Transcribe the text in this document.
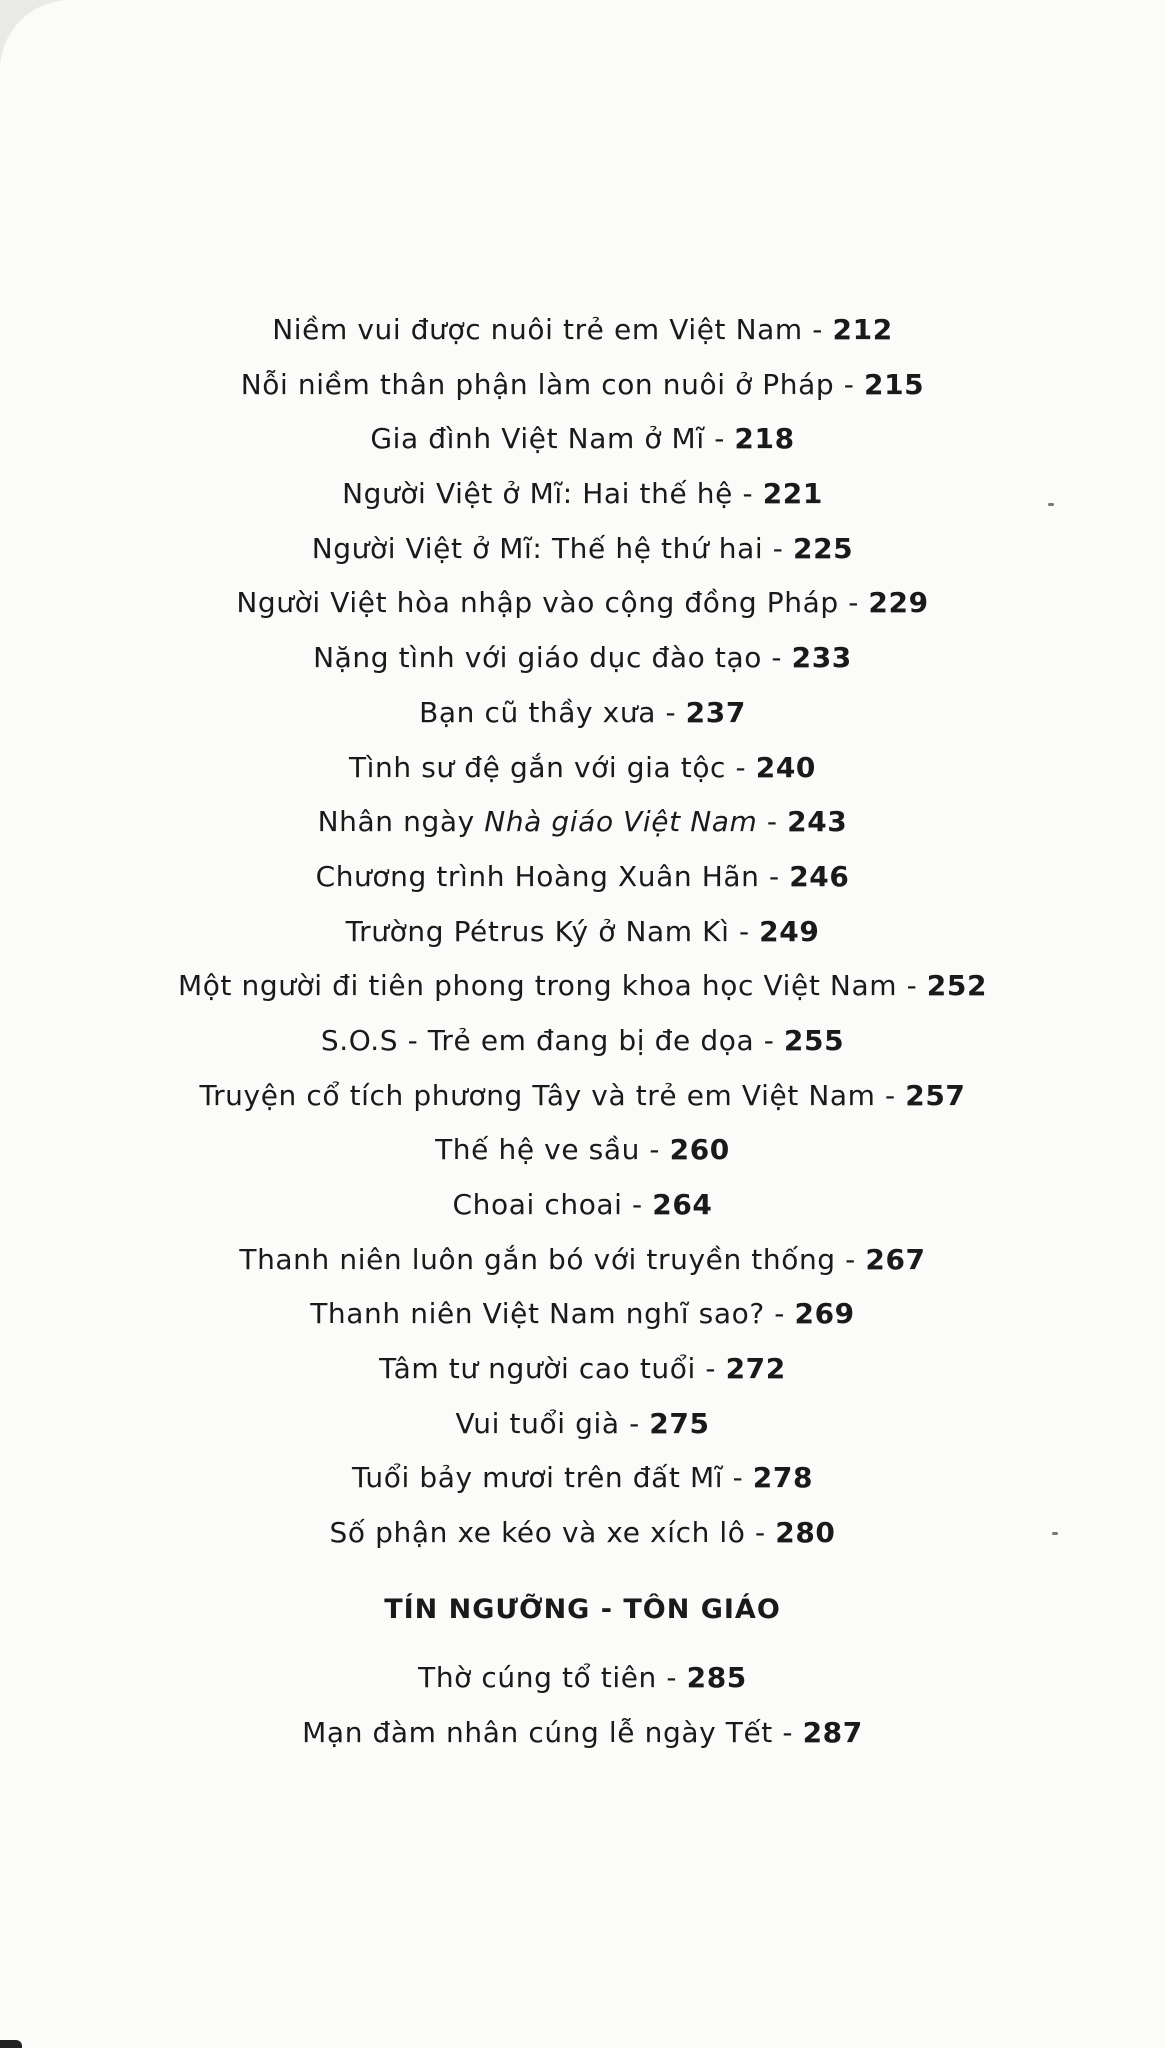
Niềm vui được nuôi trẻ em Việt Nam - 212
Nỗi niềm thân phận làm con nuôi ở Pháp - 215
Gia đình Việt Nam ở Mĩ - 218
Người Việt ở Mĩ: Hai thế hệ - 221
Người Việt ở Mĩ: Thế hệ thứ hai - 225
Người Việt hòa nhập vào cộng đồng Pháp - 229
Nặng tình với giáo dục đào tạo - 233
Bạn cũ thầy xưa - 237
Tình sư đệ gắn với gia tộc - 240
Nhân ngày Nhà giáo Việt Nam - 243
Chương trình Hoàng Xuân Hãn - 246
Trường Pétrus Ký ở Nam Kì - 249
Một người đi tiên phong trong khoa học Việt Nam - 252
S.O.S - Trẻ em đang bị đe dọa - 255
Truyện cổ tích phương Tây và trẻ em Việt Nam - 257
Thế hệ ve sầu - 260
Choai choai - 264
Thanh niên luôn gắn bó với truyền thống - 267
Thanh niên Việt Nam nghĩ sao? - 269
Tâm tư người cao tuổi - 272
Vui tuổi già - 275
Tuổi bảy mươi trên đất Mĩ - 278
Số phận xe kéo và xe xích lô - 280
TÍN NGƯỠNG - TÔN GIÁO
Thờ cúng tổ tiên - 285
Mạn đàm nhân cúng lễ ngày Tết - 287
